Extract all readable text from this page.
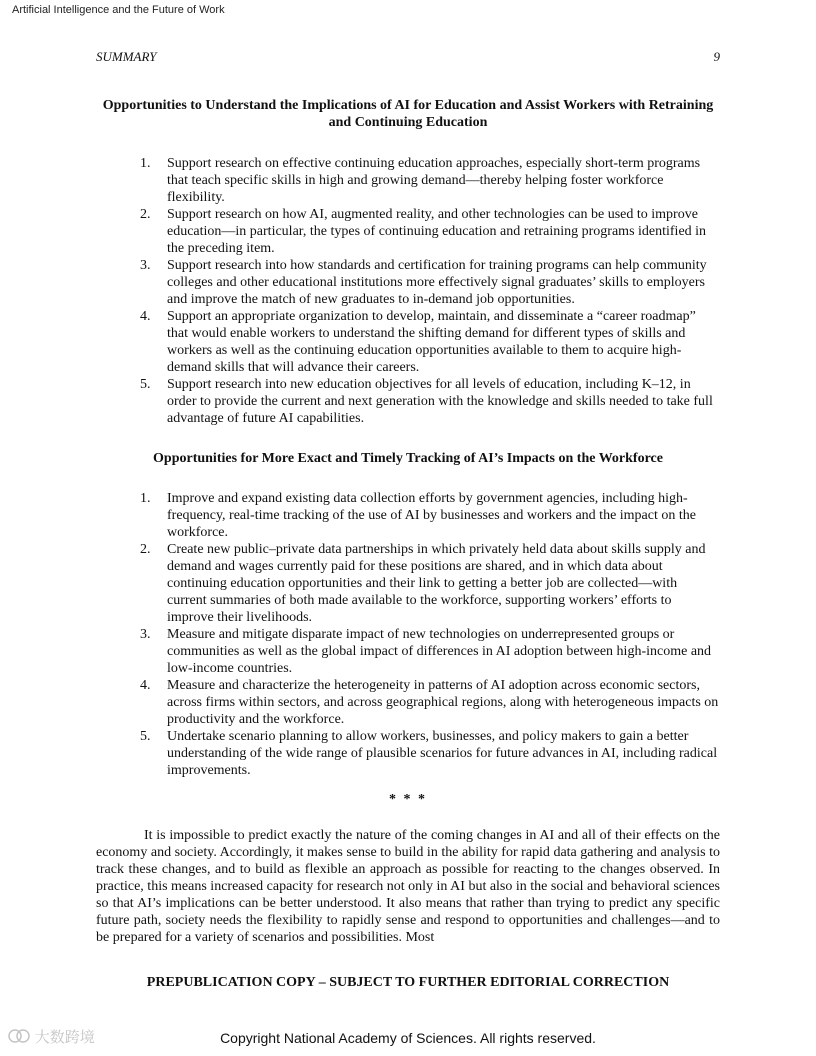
Artificial Intelligence and the Future of Work
SUMMARY	9
Opportunities to Understand the Implications of AI for Education and Assist Workers with Retraining and Continuing Education
1. Support research on effective continuing education approaches, especially short-term programs that teach specific skills in high and growing demand—thereby helping foster workforce flexibility.
2. Support research on how AI, augmented reality, and other technologies can be used to improve education—in particular, the types of continuing education and retraining programs identified in the preceding item.
3. Support research into how standards and certification for training programs can help community colleges and other educational institutions more effectively signal graduates’ skills to employers and improve the match of new graduates to in-demand job opportunities.
4. Support an appropriate organization to develop, maintain, and disseminate a “career roadmap” that would enable workers to understand the shifting demand for different types of skills and workers as well as the continuing education opportunities available to them to acquire high-demand skills that will advance their careers.
5. Support research into new education objectives for all levels of education, including K–12, in order to provide the current and next generation with the knowledge and skills needed to take full advantage of future AI capabilities.
Opportunities for More Exact and Timely Tracking of AI’s Impacts on the Workforce
1. Improve and expand existing data collection efforts by government agencies, including high-frequency, real-time tracking of the use of AI by businesses and workers and the impact on the workforce.
2. Create new public–private data partnerships in which privately held data about skills supply and demand and wages currently paid for these positions are shared, and in which data about continuing education opportunities and their link to getting a better job are collected—with current summaries of both made available to the workforce, supporting workers’ efforts to improve their livelihoods.
3. Measure and mitigate disparate impact of new technologies on underrepresented groups or communities as well as the global impact of differences in AI adoption between high-income and low-income countries.
4. Measure and characterize the heterogeneity in patterns of AI adoption across economic sectors, across firms within sectors, and across geographical regions, along with heterogeneous impacts on productivity and the workforce.
5. Undertake scenario planning to allow workers, businesses, and policy makers to gain a better understanding of the wide range of plausible scenarios for future advances in AI, including radical improvements.
* * *

It is impossible to predict exactly the nature of the coming changes in AI and all of their effects on the economy and society. Accordingly, it makes sense to build in the ability for rapid data gathering and analysis to track these changes, and to build as flexible an approach as possible for reacting to the changes observed. In practice, this means increased capacity for research not only in AI but also in the social and behavioral sciences so that AI’s implications can be better understood. It also means that rather than trying to predict any specific future path, society needs the flexibility to rapidly sense and respond to opportunities and challenges—and to be prepared for a variety of scenarios and possibilities. Most

PREPUBLICATION COPY – SUBJECT TO FURTHER EDITORIAL CORRECTION
大数跨境	Copyright National Academy of Sciences. All rights reserved.
